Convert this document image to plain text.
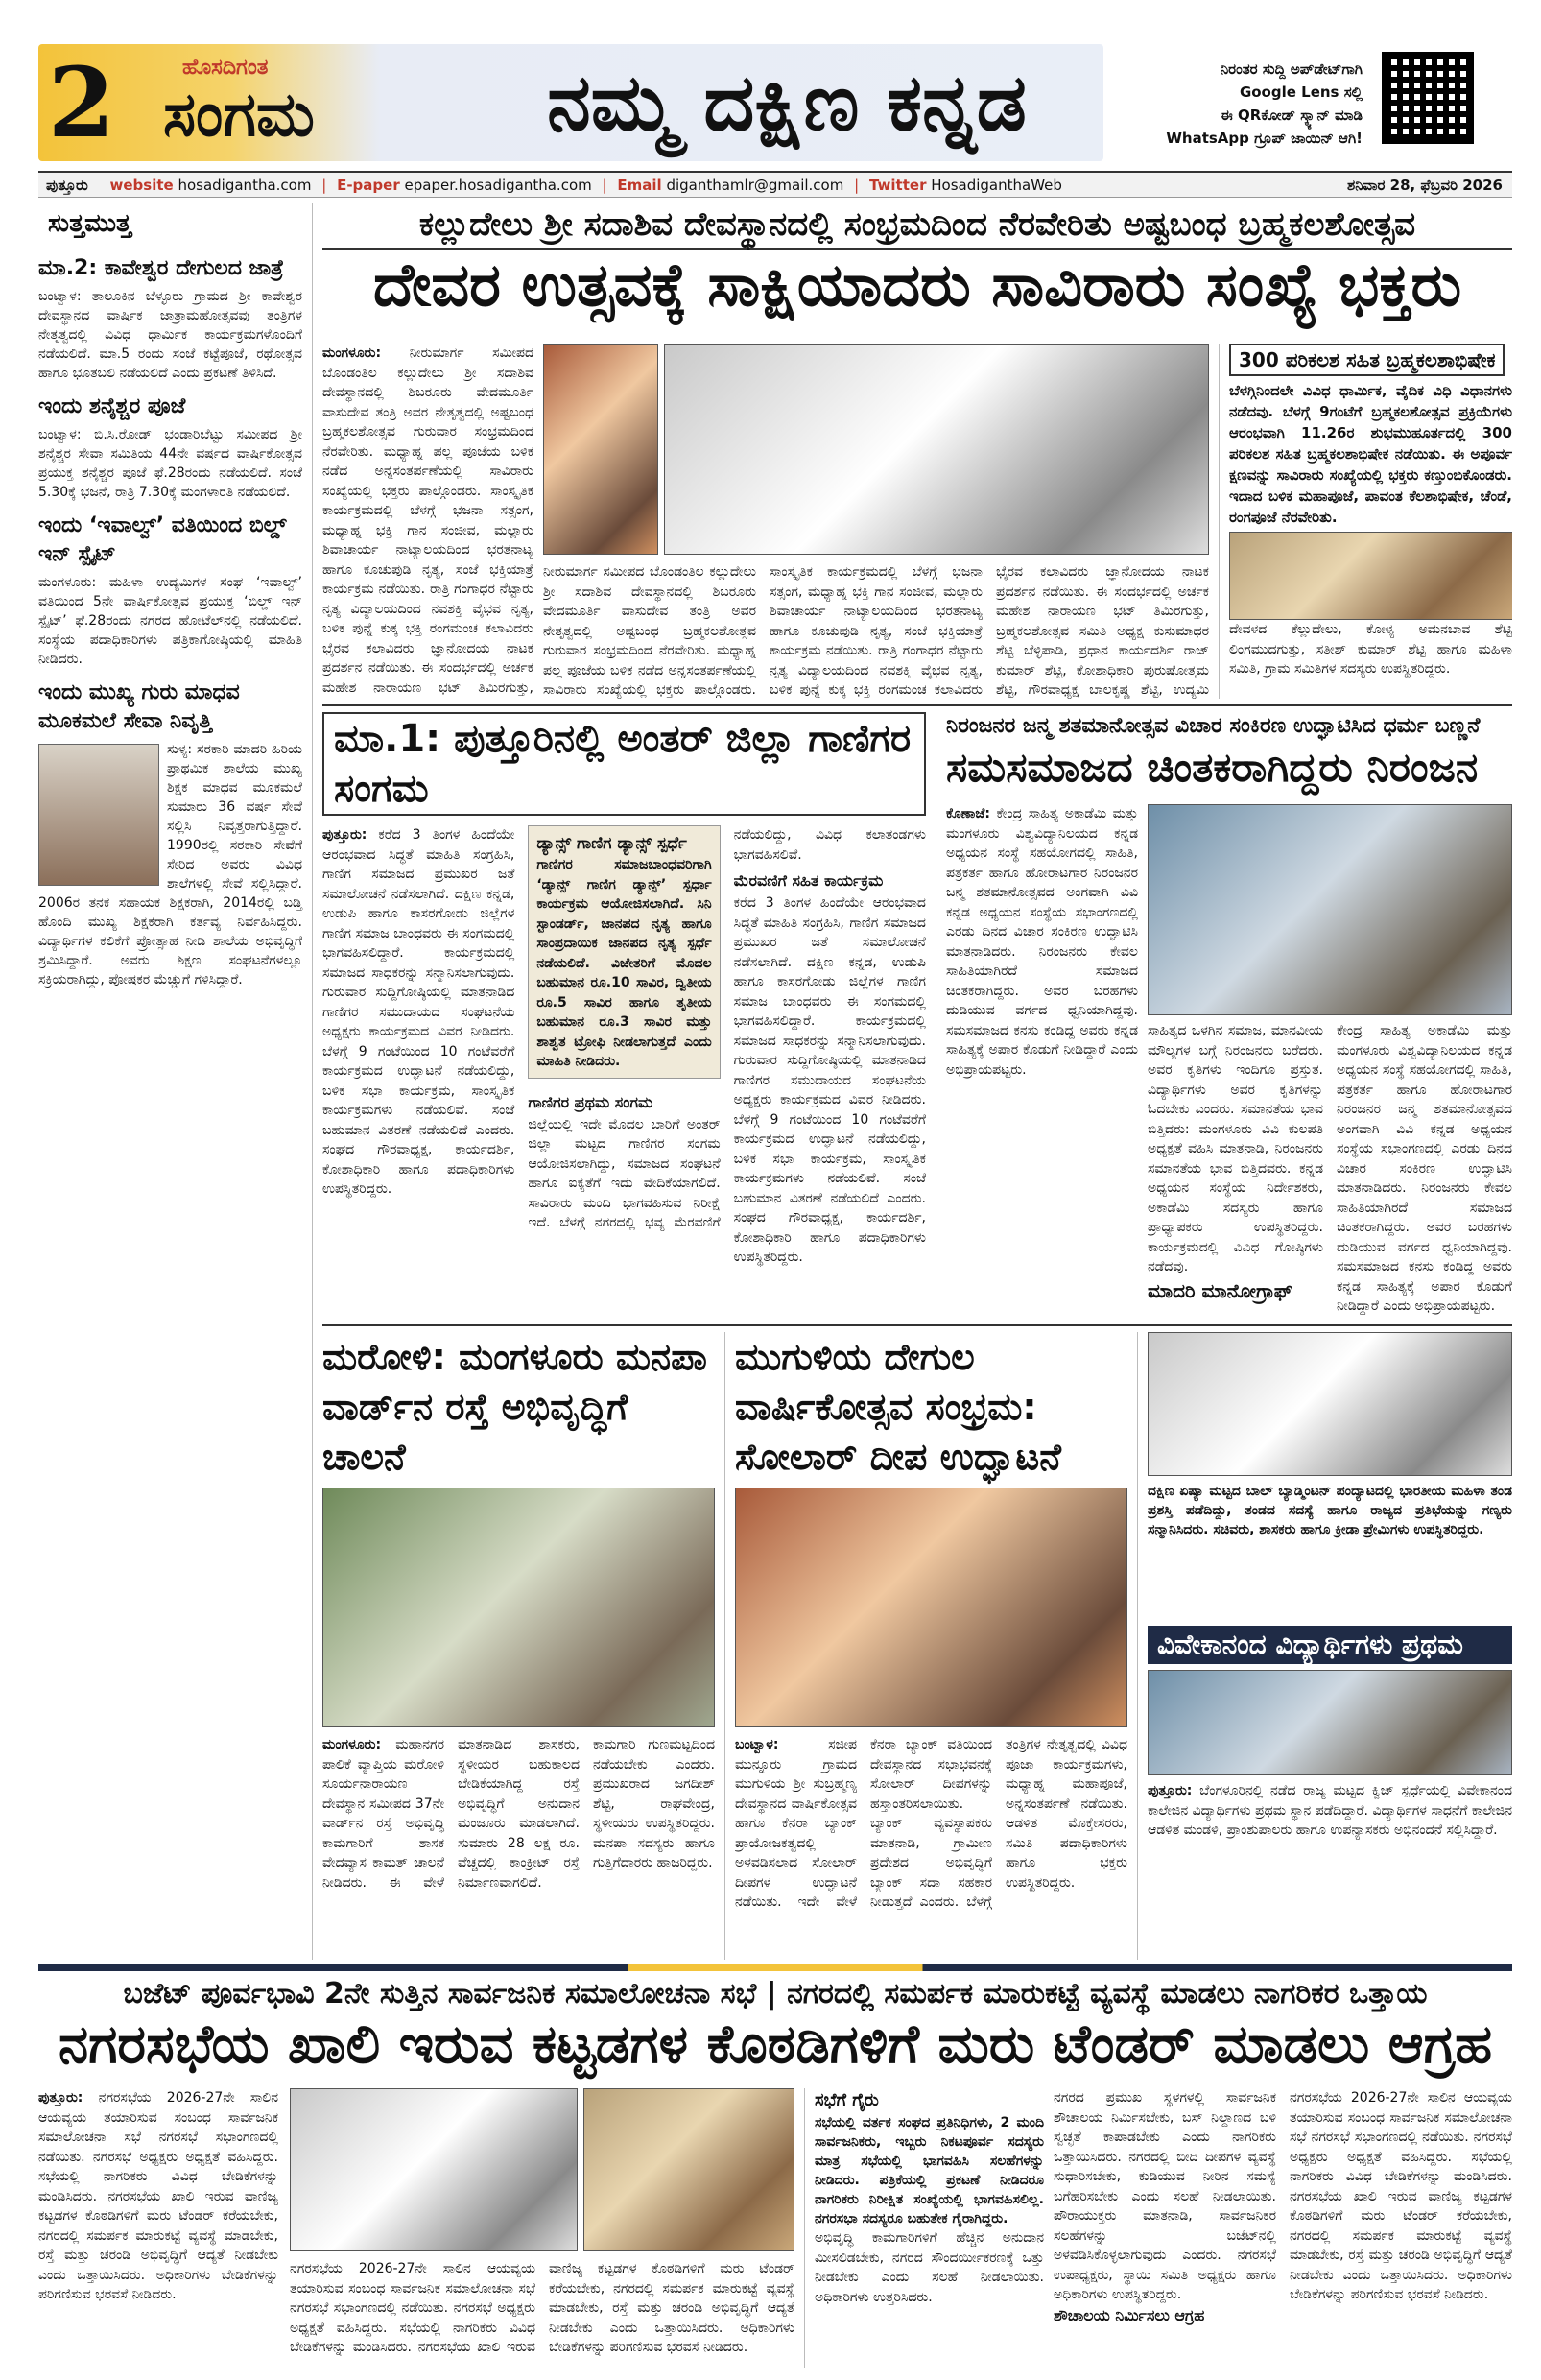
2	ಹೊಸದಿಗಂತ
ಸಂಗಮ	ನಮ್ಮ ದಕ್ಷಿಣ ಕನ್ನಡ	ನಿರಂತರ ಸುದ್ದಿ ಅಪ್‌ಡೇಟ್‌ಗಾಗಿ
Google Lens ಸಲ್ಲಿ
ಈ QRಕೋಡ್ ಸ್ಕ್ಯಾನ್ ಮಾಡಿ
WhatsApp ಗ್ರೂಪ್ ಜಾಯಿನ್ ಆಗಿ!
ಪುತ್ತೂರು website hosadigantha.com | E-paper epaper.hosadigantha.com | Email diganthamlr@gmail.com | Twitter HosadiganthaWeb	ಶನಿವಾರ 28, ಫೆಬ್ರವರಿ 2026
ಸುತ್ತಮುತ್ತ
ಮಾ.2: ಕಾವೇಶ್ವರ ದೇಗುಲದ ಜಾತ್ರೆ

ಬಂಟ್ವಾಳ: ತಾಲೂಕಿನ ಬೆಳ್ಳೂರು ಗ್ರಾಮದ ಶ್ರೀ ಕಾವೇಶ್ವರ ದೇವಸ್ಥಾನದ ವಾರ್ಷಿಕ ಜಾತ್ರಾಮಹೋತ್ಸವವು ತಂತ್ರಿಗಳ ನೇತೃತ್ವದಲ್ಲಿ ವಿವಿಧ ಧಾರ್ಮಿಕ ಕಾರ್ಯಕ್ರಮಗಳೊಂದಿಗೆ ನಡೆಯಲಿದೆ. ಮಾ.5 ರಂದು ಸಂಜೆ ಕಟ್ಟೆಪೂಜೆ, ರಥೋತ್ಸವ ಹಾಗೂ ಭೂತಬಲಿ ನಡೆಯಲಿದೆ ಎಂದು ಪ್ರಕಟಣೆ ತಿಳಿಸಿದೆ.

ಇಂದು ಶನೈಶ್ಚರ ಪೂಜೆ

ಬಂಟ್ವಾಳ: ಬಿ.ಸಿ.ರೋಡ್ ಭಂಡಾರಿಬೆಟ್ಟು ಸಮೀಪದ ಶ್ರೀ ಶನೈಶ್ಚರ ಸೇವಾ ಸಮಿತಿಯ 44ನೇ ವರ್ಷದ ವಾರ್ಷಿಕೋತ್ಸವ ಪ್ರಯುಕ್ತ ಶನೈಶ್ಚರ ಪೂಜೆ ಫೆ.28ರಂದು ನಡೆಯಲಿದೆ. ಸಂಜೆ 5.30ಕ್ಕೆ ಭಜನೆ, ರಾತ್ರಿ 7.30ಕ್ಕೆ ಮಂಗಳಾರತಿ ನಡೆಯಲಿದೆ.

ಇಂದು ‘ಇವಾಲ್ವ್’ ವತಿಯಿಂದ ಬಿಲ್ಡ್ ಇನ್ ಸ್ಪೈಟ್

ಮಂಗಳೂರು: ಮಹಿಳಾ ಉದ್ಯಮಿಗಳ ಸಂಘ ‘ಇವಾಲ್ವ್’ ವತಿಯಿಂದ 5ನೇ ವಾರ್ಷಿಕೋತ್ಸವ ಪ್ರಯುಕ್ತ ‘ಬಿಲ್ಡ್ ಇನ್ ಸ್ಪೈಟ್’ ಫೆ.28ರಂದು ನಗರದ ಹೋಟೆಲ್‌ನಲ್ಲಿ ನಡೆಯಲಿದೆ. ಸಂಸ್ಥೆಯ ಪದಾಧಿಕಾರಿಗಳು ಪತ್ರಿಕಾಗೋಷ್ಠಿಯಲ್ಲಿ ಮಾಹಿತಿ ನೀಡಿದರು.

ಇಂದು ಮುಖ್ಯ ಗುರು ಮಾಧವ ಮೂಕಮಲೆ ಸೇವಾ ನಿವೃತ್ತಿ

ಸುಳ್ಯ: ಸರಕಾರಿ ಮಾದರಿ ಹಿರಿಯ ಪ್ರಾಥಮಿಕ ಶಾಲೆಯ ಮುಖ್ಯ ಶಿಕ್ಷಕ ಮಾಧವ ಮೂಕಮಲೆ ಸುಮಾರು 36 ವರ್ಷ ಸೇವೆ ಸಲ್ಲಿಸಿ ನಿವೃತ್ತರಾಗುತ್ತಿದ್ದಾರೆ. 1990ರಲ್ಲಿ ಸರಕಾರಿ ಸೇವೆಗೆ ಸೇರಿದ ಅವರು ವಿವಿಧ ಶಾಲೆಗಳಲ್ಲಿ ಸೇವೆ ಸಲ್ಲಿಸಿದ್ದಾರೆ. 2006ರ ತನಕ ಸಹಾಯಕ ಶಿಕ್ಷಕರಾಗಿ, 2014ರಲ್ಲಿ ಬಡ್ತಿ ಹೊಂದಿ ಮುಖ್ಯ ಶಿಕ್ಷಕರಾಗಿ ಕರ್ತವ್ಯ ನಿರ್ವಹಿಸಿದ್ದರು. ವಿದ್ಯಾರ್ಥಿಗಳ ಕಲಿಕೆಗೆ ಪ್ರೋತ್ಸಾಹ ನೀಡಿ ಶಾಲೆಯ ಅಭಿವೃದ್ಧಿಗೆ ಶ್ರಮಿಸಿದ್ದಾರೆ. ಅವರು ಶಿಕ್ಷಣ ಸಂಘಟನೆಗಳಲ್ಲೂ ಸಕ್ರಿಯರಾಗಿದ್ದು, ಪೋಷಕರ ಮೆಚ್ಚುಗೆ ಗಳಿಸಿದ್ದಾರೆ.

ಕಲ್ಲುದೇಲು ಶ್ರೀ ಸದಾಶಿವ ದೇವಸ್ಥಾನದಲ್ಲಿ ಸಂಭ್ರಮದಿಂದ ನೆರವೇರಿತು ಅಷ್ಟಬಂಧ ಬ್ರಹ್ಮಕಲಶೋತ್ಸವ
ದೇವರ ಉತ್ಸವಕ್ಕೆ ಸಾಕ್ಷಿಯಾದರು ಸಾವಿರಾರು ಸಂಖ್ಯೆ ಭಕ್ತರು
ಮಂಗಳೂರು: ನೀರುಮಾರ್ಗ ಸಮೀಪದ ಬೊಂಡಂತಿಲ ಕಲ್ಲುದೇಲು ಶ್ರೀ ಸದಾಶಿವ ದೇವಸ್ಥಾನದಲ್ಲಿ ಶಿಬರೂರು ವೇದಮೂರ್ತಿ ವಾಸುದೇವ ತಂತ್ರಿ ಅವರ ನೇತೃತ್ವದಲ್ಲಿ ಅಷ್ಟಬಂಧ ಬ್ರಹ್ಮಕಲಶೋತ್ಸವ ಗುರುವಾರ ಸಂಭ್ರಮದಿಂದ ನೆರವೇರಿತು. ಮಧ್ಯಾಹ್ನ ಪಲ್ಲ ಪೂಜೆಯ ಬಳಿಕ ನಡೆದ ಅನ್ನಸಂತರ್ಪಣೆಯಲ್ಲಿ ಸಾವಿರಾರು ಸಂಖ್ಯೆಯಲ್ಲಿ ಭಕ್ತರು ಪಾಲ್ಗೊಂಡರು. ಸಾಂಸ್ಕೃತಿಕ ಕಾರ್ಯಕ್ರಮದಲ್ಲಿ ಬೆಳಗ್ಗೆ ಭಜನಾ ಸತ್ಸಂಗ, ಮಧ್ಯಾಹ್ನ ಭಕ್ತಿ ಗಾನ ಸಂಜೀವ, ಮಲ್ಲಾರು ಶಿವಾಚಾರ್ಯ ನಾಟ್ಯಾಲಯದಿಂದ ಭರತನಾಟ್ಯ ಹಾಗೂ ಕೂಚುಪುಡಿ ನೃತ್ಯ, ಸಂಜೆ ಭಕ್ತಿಯಾತ್ರೆ ಕಾರ್ಯಕ್ರಮ ನಡೆಯಿತು. ರಾತ್ರಿ ಗಂಗಾಧರ ನೆಟ್ಟಾರು ನೃತ್ಯ ವಿದ್ಯಾಲಯದಿಂದ ನವಶಕ್ತಿ ವೈಭವ ನೃತ್ಯ, ಬಳಿಕ ಪುನ್ನೆ ಕುಕ್ಕ ಭಕ್ತಿ ರಂಗಮಂಚ ಕಲಾವಿದರು ಭೈರವ ಕಲಾವಿದರು ಜ್ಞಾನೋದಯ ನಾಟಕ ಪ್ರದರ್ಶನ ನಡೆಯಿತು. ಈ ಸಂದರ್ಭದಲ್ಲಿ ಅರ್ಚಕ ಮಹೇಶ ನಾರಾಯಣ ಭಟ್ ತಿಮಿರಗುತ್ತು,
ನೀರುಮಾರ್ಗ ಸಮೀಪದ ಬೊಂಡಂತಿಲ ಕಲ್ಲುದೇಲು ಶ್ರೀ ಸದಾಶಿವ ದೇವಸ್ಥಾನದಲ್ಲಿ ಶಿಬರೂರು ವೇದಮೂರ್ತಿ ವಾಸುದೇವ ತಂತ್ರಿ ಅವರ ನೇತೃತ್ವದಲ್ಲಿ ಅಷ್ಟಬಂಧ ಬ್ರಹ್ಮಕಲಶೋತ್ಸವ ಗುರುವಾರ ಸಂಭ್ರಮದಿಂದ ನೆರವೇರಿತು. ಮಧ್ಯಾಹ್ನ ಪಲ್ಲ ಪೂಜೆಯ ಬಳಿಕ ನಡೆದ ಅನ್ನಸಂತರ್ಪಣೆಯಲ್ಲಿ ಸಾವಿರಾರು ಸಂಖ್ಯೆಯಲ್ಲಿ ಭಕ್ತರು ಪಾಲ್ಗೊಂಡರು. ಸಾಂಸ್ಕೃತಿಕ ಕಾರ್ಯಕ್ರಮದಲ್ಲಿ ಬೆಳಗ್ಗೆ ಭಜನಾ ಸತ್ಸಂಗ, ಮಧ್ಯಾಹ್ನ ಭಕ್ತಿ ಗಾನ ಸಂಜೀವ, ಮಲ್ಲಾರು ಶಿವಾಚಾರ್ಯ ನಾಟ್ಯಾಲಯದಿಂದ ಭರತನಾಟ್ಯ ಹಾಗೂ ಕೂಚುಪುಡಿ ನೃತ್ಯ, ಸಂಜೆ ಭಕ್ತಿಯಾತ್ರೆ ಕಾರ್ಯಕ್ರಮ ನಡೆಯಿತು. ರಾತ್ರಿ ಗಂಗಾಧರ ನೆಟ್ಟಾರು ನೃತ್ಯ ವಿದ್ಯಾಲಯದಿಂದ ನವಶಕ್ತಿ ವೈಭವ ನೃತ್ಯ, ಬಳಿಕ ಪುನ್ನೆ ಕುಕ್ಕ ಭಕ್ತಿ ರಂಗಮಂಚ ಕಲಾವಿದರು ಭೈರವ ಕಲಾವಿದರು ಜ್ಞಾನೋದಯ ನಾಟಕ ಪ್ರದರ್ಶನ ನಡೆಯಿತು. ಈ ಸಂದರ್ಭದಲ್ಲಿ ಅರ್ಚಕ ಮಹೇಶ ನಾರಾಯಣ ಭಟ್ ತಿಮಿರಗುತ್ತು, ಬ್ರಹ್ಮಕಲಶೋತ್ಸವ ಸಮಿತಿ ಅಧ್ಯಕ್ಷ ಕುಸುಮಾಧರ ಶೆಟ್ಟಿ ಬೆಳ್ಳಿಪಾಡಿ, ಪ್ರಧಾನ ಕಾರ್ಯದರ್ಶಿ ರಾಜ್ ಕುಮಾರ್ ಶೆಟ್ಟಿ, ಕೋಶಾಧಿಕಾರಿ ಪುರುಷೋತ್ತಮ ಶೆಟ್ಟಿ, ಗೌರವಾಧ್ಯಕ್ಷ ಬಾಲಕೃಷ್ಣ ಶೆಟ್ಟಿ, ಉದ್ಯಮಿ
300 ಪರಿಕಲಶ ಸಹಿತ ಬ್ರಹ್ಮಕಲಶಾಭಿಷೇಕ
ಬೆಳಗ್ಗಿನಿಂದಲೇ ವಿವಿಧ ಧಾರ್ಮಿಕ, ವೈದಿಕ ವಿಧಿ ವಿಧಾನಗಳು ನಡೆದವು. ಬೆಳಗ್ಗೆ 9ಗಂಟೆಗೆ ಬ್ರಹ್ಮಕಲಶೋತ್ಸವ ಪ್ರಕ್ರಿಯೆಗಳು ಆರಂಭವಾಗಿ 11.26ರ ಶುಭಮುಹೂರ್ತದಲ್ಲಿ 300 ಪರಿಕಲಶ ಸಹಿತ ಬ್ರಹ್ಮಕಲಶಾಭಿಷೇಕ ನಡೆಯಿತು. ಈ ಅಪೂರ್ವ ಕ್ಷಣವನ್ನು ಸಾವಿರಾರು ಸಂಖ್ಯೆಯಲ್ಲಿ ಭಕ್ತರು ಕಣ್ತುಂಬಿಕೊಂಡರು. ಇದಾದ ಬಳಿಕ ಮಹಾಪೂಜೆ, ಪಾವಂತ ಕೆಲಶಾಭಿಷೇಕ, ಚೆಂಡೆ, ರಂಗಪೂಜೆ ನೆರವೇರಿತು.
ದೇವಳದ ಕೆಲ್ಲುದೇಲು, ಕೋಳ್ಯ ಅಮನಬಾವ ಶೆಟ್ಟಿ ಲಿಂಗಮುದಗುತ್ತು, ಸತೀಶ್ ಕುಮಾರ್ ಶೆಟ್ಟಿ ಹಾಗೂ ಮಹಿಳಾ ಸಮಿತಿ, ಗ್ರಾಮ ಸಮಿತಿಗಳ ಸದಸ್ಯರು ಉಪಸ್ಥಿತರಿದ್ದರು.
ಮಾ.1: ಪುತ್ತೂರಿನಲ್ಲಿ ಅಂತರ್ ಜಿಲ್ಲಾ ಗಾಣಿಗರ ಸಂಗಮ
ಪುತ್ತೂರು: ಕರೆದ 3 ತಿಂಗಳ ಹಿಂದೆಯೇ ಆರಂಭವಾದ ಸಿದ್ಧತೆ ಮಾಹಿತಿ ಸಂಗ್ರಹಿಸಿ, ಗಾಣಿಗ ಸಮಾಜದ ಪ್ರಮುಖರ ಜತೆ ಸಮಾಲೋಚನೆ ನಡೆಸಲಾಗಿದೆ. ದಕ್ಷಿಣ ಕನ್ನಡ, ಉಡುಪಿ ಹಾಗೂ ಕಾಸರಗೋಡು ಜಿಲ್ಲೆಗಳ ಗಾಣಿಗ ಸಮಾಜ ಬಾಂಧವರು ಈ ಸಂಗಮದಲ್ಲಿ ಭಾಗವಹಿಸಲಿದ್ದಾರೆ. ಕಾರ್ಯಕ್ರಮದಲ್ಲಿ ಸಮಾಜದ ಸಾಧಕರನ್ನು ಸನ್ಮಾನಿಸಲಾಗುವುದು. ಗುರುವಾರ ಸುದ್ದಿಗೋಷ್ಠಿಯಲ್ಲಿ ಮಾತನಾಡಿದ ಗಾಣಿಗರ ಸಮುದಾಯದ ಸಂಘಟನೆಯ ಅಧ್ಯಕ್ಷರು ಕಾರ್ಯಕ್ರಮದ ವಿವರ ನೀಡಿದರು. ಬೆಳಗ್ಗೆ 9 ಗಂಟೆಯಿಂದ 10 ಗಂಟೆವರೆಗೆ ಕಾರ್ಯಕ್ರಮದ ಉದ್ಘಾಟನೆ ನಡೆಯಲಿದ್ದು, ಬಳಿಕ ಸಭಾ ಕಾರ್ಯಕ್ರಮ, ಸಾಂಸ್ಕೃತಿಕ ಕಾರ್ಯಕ್ರಮಗಳು ನಡೆಯಲಿವೆ. ಸಂಜೆ ಬಹುಮಾನ ವಿತರಣೆ ನಡೆಯಲಿದೆ ಎಂದರು. ಸಂಘದ ಗೌರವಾಧ್ಯಕ್ಷ, ಕಾರ್ಯದರ್ಶಿ, ಕೋಶಾಧಿಕಾರಿ ಹಾಗೂ ಪದಾಧಿಕಾರಿಗಳು ಉಪಸ್ಥಿತರಿದ್ದರು.
ಡ್ಯಾನ್ಸ್ ಗಾಣಿಗ ಡ್ಯಾನ್ಸ್ ಸ್ಪರ್ಧೆ
ಗಾಣಿಗರ ಸಮಾಜಬಾಂಧವರಿಗಾಗಿ ‘ಡ್ಯಾನ್ಸ್ ಗಾಣಿಗ ಡ್ಯಾನ್ಸ್’ ಸ್ಪರ್ಧಾ ಕಾರ್ಯಕ್ರಮ ಆಯೋಜಿಸಲಾಗಿದೆ. ಸಿನಿ ಸ್ಟಾಂಡರ್ಡ್, ಜಾನಪದ ನೃತ್ಯ ಹಾಗೂ ಸಾಂಪ್ರದಾಯಿಕ ಜಾನಪದ ನೃತ್ಯ ಸ್ಪರ್ಧೆ ನಡೆಯಲಿದೆ. ವಿಜೇತರಿಗೆ ಮೊದಲ ಬಹುಮಾನ ರೂ.10 ಸಾವಿರ, ದ್ವಿತೀಯ ರೂ.5 ಸಾವಿರ ಹಾಗೂ ತೃತೀಯ ಬಹುಮಾನ ರೂ.3 ಸಾವಿರ ಮತ್ತು ಶಾಶ್ವತ ಟ್ರೋಫಿ ನೀಡಲಾಗುತ್ತದೆ ಎಂದು ಮಾಹಿತಿ ನೀಡಿದರು.
ಗಾಣಿಗರ ಪ್ರಥಮ ಸಂಗಮ
ಜಿಲ್ಲೆಯಲ್ಲಿ ಇದೇ ಮೊದಲ ಬಾರಿಗೆ ಅಂತರ್ ಜಿಲ್ಲಾ ಮಟ್ಟದ ಗಾಣಿಗರ ಸಂಗಮ ಆಯೋಜಿಸಲಾಗಿದ್ದು, ಸಮಾಜದ ಸಂಘಟನೆ ಹಾಗೂ ಐಕ್ಯತೆಗೆ ಇದು ವೇದಿಕೆಯಾಗಲಿದೆ. ಸಾವಿರಾರು ಮಂದಿ ಭಾಗವಹಿಸುವ ನಿರೀಕ್ಷೆ ಇದೆ. ಬೆಳಗ್ಗೆ ನಗರದಲ್ಲಿ ಭವ್ಯ ಮೆರವಣಿಗೆ ನಡೆಯಲಿದ್ದು, ವಿವಿಧ ಕಲಾತಂಡಗಳು ಭಾಗವಹಿಸಲಿವೆ.
ಮೆರವಣಿಗೆ ಸಹಿತ ಕಾರ್ಯಕ್ರಮ
ಕರೆದ 3 ತಿಂಗಳ ಹಿಂದೆಯೇ ಆರಂಭವಾದ ಸಿದ್ಧತೆ ಮಾಹಿತಿ ಸಂಗ್ರಹಿಸಿ, ಗಾಣಿಗ ಸಮಾಜದ ಪ್ರಮುಖರ ಜತೆ ಸಮಾಲೋಚನೆ ನಡೆಸಲಾಗಿದೆ. ದಕ್ಷಿಣ ಕನ್ನಡ, ಉಡುಪಿ ಹಾಗೂ ಕಾಸರಗೋಡು ಜಿಲ್ಲೆಗಳ ಗಾಣಿಗ ಸಮಾಜ ಬಾಂಧವರು ಈ ಸಂಗಮದಲ್ಲಿ ಭಾಗವಹಿಸಲಿದ್ದಾರೆ. ಕಾರ್ಯಕ್ರಮದಲ್ಲಿ ಸಮಾಜದ ಸಾಧಕರನ್ನು ಸನ್ಮಾನಿಸಲಾಗುವುದು. ಗುರುವಾರ ಸುದ್ದಿಗೋಷ್ಠಿಯಲ್ಲಿ ಮಾತನಾಡಿದ ಗಾಣಿಗರ ಸಮುದಾಯದ ಸಂಘಟನೆಯ ಅಧ್ಯಕ್ಷರು ಕಾರ್ಯಕ್ರಮದ ವಿವರ ನೀಡಿದರು. ಬೆಳಗ್ಗೆ 9 ಗಂಟೆಯಿಂದ 10 ಗಂಟೆವರೆಗೆ ಕಾರ್ಯಕ್ರಮದ ಉದ್ಘಾಟನೆ ನಡೆಯಲಿದ್ದು, ಬಳಿಕ ಸಭಾ ಕಾರ್ಯಕ್ರಮ, ಸಾಂಸ್ಕೃತಿಕ ಕಾರ್ಯಕ್ರಮಗಳು ನಡೆಯಲಿವೆ. ಸಂಜೆ ಬಹುಮಾನ ವಿತರಣೆ ನಡೆಯಲಿದೆ ಎಂದರು. ಸಂಘದ ಗೌರವಾಧ್ಯಕ್ಷ, ಕಾರ್ಯದರ್ಶಿ, ಕೋಶಾಧಿಕಾರಿ ಹಾಗೂ ಪದಾಧಿಕಾರಿಗಳು ಉಪಸ್ಥಿತರಿದ್ದರು.
ನಿರಂಜನರ ಜನ್ಮ ಶತಮಾನೋತ್ಸವ ವಿಚಾರ ಸಂಕಿರಣ ಉದ್ಘಾಟಿಸಿದ ಧರ್ಮ ಬಣ್ಣನೆ
ಸಮಸಮಾಜದ ಚಿಂತಕರಾಗಿದ್ದರು ನಿರಂಜನ
ಕೊಣಾಜೆ: ಕೇಂದ್ರ ಸಾಹಿತ್ಯ ಅಕಾಡೆಮಿ ಮತ್ತು ಮಂಗಳೂರು ವಿಶ್ವವಿದ್ಯಾನಿಲಯದ ಕನ್ನಡ ಅಧ್ಯಯನ ಸಂಸ್ಥೆ ಸಹಯೋಗದಲ್ಲಿ ಸಾಹಿತಿ, ಪತ್ರಕರ್ತ ಹಾಗೂ ಹೋರಾಟಗಾರ ನಿರಂಜನರ ಜನ್ಮ ಶತಮಾನೋತ್ಸವದ ಅಂಗವಾಗಿ ವಿವಿ ಕನ್ನಡ ಅಧ್ಯಯನ ಸಂಸ್ಥೆಯ ಸಭಾಂಗಣದಲ್ಲಿ ಎರಡು ದಿನದ ವಿಚಾರ ಸಂಕಿರಣ ಉದ್ಘಾಟಿಸಿ ಮಾತನಾಡಿದರು. ನಿರಂಜನರು ಕೇವಲ ಸಾಹಿತಿಯಾಗಿರದೆ ಸಮಾಜದ ಚಿಂತಕರಾಗಿದ್ದರು. ಅವರ ಬರಹಗಳು ದುಡಿಯುವ ವರ್ಗದ ಧ್ವನಿಯಾಗಿದ್ದವು. ಸಮಸಮಾಜದ ಕನಸು ಕಂಡಿದ್ದ ಅವರು ಕನ್ನಡ ಸಾಹಿತ್ಯಕ್ಕೆ ಅಪಾರ ಕೊಡುಗೆ ನೀಡಿದ್ದಾರೆ ಎಂದು ಅಭಿಪ್ರಾಯಪಟ್ಟರು.
ಸಾಹಿತ್ಯದ ಒಳಗಿನ ಸಮಾಜ, ಮಾನವೀಯ ಮೌಲ್ಯಗಳ ಬಗ್ಗೆ ನಿರಂಜನರು ಬರೆದರು. ಅವರ ಕೃತಿಗಳು ಇಂದಿಗೂ ಪ್ರಸ್ತುತ. ವಿದ್ಯಾರ್ಥಿಗಳು ಅವರ ಕೃತಿಗಳನ್ನು ಓದಬೇಕು ಎಂದರು. ಸಮಾನತೆಯ ಭಾವ ಬಿತ್ತಿದರು: ಮಂಗಳೂರು ವಿವಿ ಕುಲಪತಿ ಅಧ್ಯಕ್ಷತೆ ವಹಿಸಿ ಮಾತನಾಡಿ, ನಿರಂಜನರು ಸಮಾನತೆಯ ಭಾವ ಬಿತ್ತಿದವರು. ಕನ್ನಡ ಅಧ್ಯಯನ ಸಂಸ್ಥೆಯ ನಿರ್ದೇಶಕರು, ಅಕಾಡೆಮಿ ಸದಸ್ಯರು ಹಾಗೂ ಪ್ರಾಧ್ಯಾಪಕರು ಉಪಸ್ಥಿತರಿದ್ದರು. ಕಾರ್ಯಕ್ರಮದಲ್ಲಿ ವಿವಿಧ ಗೋಷ್ಠಿಗಳು ನಡೆದವು.
ಮಾದರಿ ಮಾನೋಗ್ರಾಫ್
ಕೇಂದ್ರ ಸಾಹಿತ್ಯ ಅಕಾಡೆಮಿ ಮತ್ತು ಮಂಗಳೂರು ವಿಶ್ವವಿದ್ಯಾನಿಲಯದ ಕನ್ನಡ ಅಧ್ಯಯನ ಸಂಸ್ಥೆ ಸಹಯೋಗದಲ್ಲಿ ಸಾಹಿತಿ, ಪತ್ರಕರ್ತ ಹಾಗೂ ಹೋರಾಟಗಾರ ನಿರಂಜನರ ಜನ್ಮ ಶತಮಾನೋತ್ಸವದ ಅಂಗವಾಗಿ ವಿವಿ ಕನ್ನಡ ಅಧ್ಯಯನ ಸಂಸ್ಥೆಯ ಸಭಾಂಗಣದಲ್ಲಿ ಎರಡು ದಿನದ ವಿಚಾರ ಸಂಕಿರಣ ಉದ್ಘಾಟಿಸಿ ಮಾತನಾಡಿದರು. ನಿರಂಜನರು ಕೇವಲ ಸಾಹಿತಿಯಾಗಿರದೆ ಸಮಾಜದ ಚಿಂತಕರಾಗಿದ್ದರು. ಅವರ ಬರಹಗಳು ದುಡಿಯುವ ವರ್ಗದ ಧ್ವನಿಯಾಗಿದ್ದವು. ಸಮಸಮಾಜದ ಕನಸು ಕಂಡಿದ್ದ ಅವರು ಕನ್ನಡ ಸಾಹಿತ್ಯಕ್ಕೆ ಅಪಾರ ಕೊಡುಗೆ ನೀಡಿದ್ದಾರೆ ಎಂದು ಅಭಿಪ್ರಾಯಪಟ್ಟರು.
ಮರೋಳಿ: ಮಂಗಳೂರು ಮನಪಾ ವಾರ್ಡ್‌ನ ರಸ್ತೆ ಅಭಿವೃದ್ಧಿಗೆ ಚಾಲನೆ
ಮಂಗಳೂರು: ಮಹಾನಗರ ಪಾಲಿಕೆ ವ್ಯಾಪ್ತಿಯ ಮರೋಳಿ ಸೂರ್ಯನಾರಾಯಣ ದೇವಸ್ಥಾನ ಸಮೀಪದ 37ನೇ ವಾರ್ಡ್‌ನ ರಸ್ತೆ ಅಭಿವೃದ್ಧಿ ಕಾಮಗಾರಿಗೆ ಶಾಸಕ ವೇದವ್ಯಾಸ ಕಾಮತ್ ಚಾಲನೆ ನೀಡಿದರು. ಈ ವೇಳೆ ಮಾತನಾಡಿದ ಶಾಸಕರು, ಸ್ಥಳೀಯರ ಬಹುಕಾಲದ ಬೇಡಿಕೆಯಾಗಿದ್ದ ರಸ್ತೆ ಅಭಿವೃದ್ಧಿಗೆ ಅನುದಾನ ಮಂಜೂರು ಮಾಡಲಾಗಿದೆ. ಸುಮಾರು 28 ಲಕ್ಷ ರೂ. ವೆಚ್ಚದಲ್ಲಿ ಕಾಂಕ್ರೀಟ್ ರಸ್ತೆ ನಿರ್ಮಾಣವಾಗಲಿದೆ. ಕಾಮಗಾರಿ ಗುಣಮಟ್ಟದಿಂದ ನಡೆಯಬೇಕು ಎಂದರು. ಪ್ರಮುಖರಾದ ಜಗದೀಶ್ ಶೆಟ್ಟಿ, ರಾಘವೇಂದ್ರ, ಸ್ಥಳೀಯರು ಉಪಸ್ಥಿತರಿದ್ದರು. ಮನಪಾ ಸದಸ್ಯರು ಹಾಗೂ ಗುತ್ತಿಗೆದಾರರು ಹಾಜರಿದ್ದರು.
ಮುಗುಳಿಯ ದೇಗುಲ ವಾರ್ಷಿಕೋತ್ಸವ ಸಂಭ್ರಮ: ಸೋಲಾರ್ ದೀಪ ಉದ್ಘಾಟನೆ
ಬಂಟ್ವಾಳ:	ಸಜೀಪ ಮುನ್ನೂರು ಗ್ರಾಮದ ಮುಗುಳಿಯ ಶ್ರೀ ಸುಬ್ರಹ್ಮಣ್ಯ ದೇವಸ್ಥಾನದ ವಾರ್ಷಿಕೋತ್ಸವ ಹಾಗೂ ಕೆನರಾ ಬ್ಯಾಂಕ್ ಪ್ರಾಯೋಜಕತ್ವದಲ್ಲಿ ಅಳವಡಿಸಲಾದ ಸೋಲಾರ್ ದೀಪಗಳ ಉದ್ಘಾಟನೆ ನಡೆಯಿತು. ಇದೇ ವೇಳೆ ಕೆನರಾ ಬ್ಯಾಂಕ್ ವತಿಯಿಂದ ದೇವಸ್ಥಾನದ ಸಭಾಭವನಕ್ಕೆ ಸೋಲಾರ್ ದೀಪಗಳನ್ನು ಹಸ್ತಾಂತರಿಸಲಾಯಿತು. ಬ್ಯಾಂಕ್ ವ್ಯವಸ್ಥಾಪಕರು ಮಾತನಾಡಿ, ಗ್ರಾಮೀಣ ಪ್ರದೇಶದ ಅಭಿವೃದ್ಧಿಗೆ ಬ್ಯಾಂಕ್ ಸದಾ ಸಹಕಾರ ನೀಡುತ್ತದೆ ಎಂದರು. ಬೆಳಗ್ಗೆ ತಂತ್ರಿಗಳ ನೇತೃತ್ವದಲ್ಲಿ ವಿವಿಧ ಪೂಜಾ ಕಾರ್ಯಕ್ರಮಗಳು, ಮಧ್ಯಾಹ್ನ ಮಹಾಪೂಜೆ, ಅನ್ನಸಂತರ್ಪಣೆ ನಡೆಯಿತು. ಆಡಳಿತ ಮೊಕ್ತೇಸರರು, ಸಮಿತಿ ಪದಾಧಿಕಾರಿಗಳು ಹಾಗೂ ಭಕ್ತರು ಉಪಸ್ಥಿತರಿದ್ದರು.
ದಕ್ಷಿಣ ಏಷ್ಯಾ ಮಟ್ಟದ ಬಾಲ್ ಬ್ಯಾಡ್ಮಿಂಟನ್ ಪಂದ್ಯಾಟದಲ್ಲಿ ಭಾರತೀಯ ಮಹಿಳಾ ತಂಡ ಪ್ರಶಸ್ತಿ ಪಡೆದಿದ್ದು, ತಂಡದ ಸದಸ್ಯೆ ಹಾಗೂ ರಾಜ್ಯದ ಪ್ರತಿಭೆಯನ್ನು ಗಣ್ಯರು ಸನ್ಮಾನಿಸಿದರು. ಸಚಿವರು, ಶಾಸಕರು ಹಾಗೂ ಕ್ರೀಡಾ ಪ್ರೇಮಿಗಳು ಉಪಸ್ಥಿತರಿದ್ದರು.
ವಿವೇಕಾನಂದ ವಿದ್ಯಾರ್ಥಿಗಳು ಪ್ರಥಮ
ಪುತ್ತೂರು: ಬೆಂಗಳೂರಿನಲ್ಲಿ ನಡೆದ ರಾಜ್ಯ ಮಟ್ಟದ ಕ್ವಿಜ್ ಸ್ಪರ್ಧೆಯಲ್ಲಿ ವಿವೇಕಾನಂದ ಕಾಲೇಜಿನ ವಿದ್ಯಾರ್ಥಿಗಳು ಪ್ರಥಮ ಸ್ಥಾನ ಪಡೆದಿದ್ದಾರೆ. ವಿದ್ಯಾರ್ಥಿಗಳ ಸಾಧನೆಗೆ ಕಾಲೇಜಿನ ಆಡಳಿತ ಮಂಡಳಿ, ಪ್ರಾಂಶುಪಾಲರು ಹಾಗೂ ಉಪನ್ಯಾಸಕರು ಅಭಿನಂದನೆ ಸಲ್ಲಿಸಿದ್ದಾರೆ.
ಬಜೆಟ್ ಪೂರ್ವಭಾವಿ 2ನೇ ಸುತ್ತಿನ ಸಾರ್ವಜನಿಕ ಸಮಾಲೋಚನಾ ಸಭೆ | ನಗರದಲ್ಲಿ ಸಮರ್ಪಕ ಮಾರುಕಟ್ಟೆ ವ್ಯವಸ್ಥೆ ಮಾಡಲು ನಾಗರಿಕರ ಒತ್ತಾಯ
ನಗರಸಭೆಯ ಖಾಲಿ ಇರುವ ಕಟ್ಟಡಗಳ ಕೊಠಡಿಗಳಿಗೆ ಮರು ಟೆಂಡರ್ ಮಾಡಲು ಆಗ್ರಹ
ಪುತ್ತೂರು: ನಗರಸಭೆಯ 2026-27ನೇ ಸಾಲಿನ ಆಯವ್ಯಯ ತಯಾರಿಸುವ ಸಂಬಂಧ ಸಾರ್ವಜನಿಕ ಸಮಾಲೋಚನಾ ಸಭೆ ನಗರಸಭೆ ಸಭಾಂಗಣದಲ್ಲಿ ನಡೆಯಿತು. ನಗರಸಭೆ ಅಧ್ಯಕ್ಷರು ಅಧ್ಯಕ್ಷತೆ ವಹಿಸಿದ್ದರು. ಸಭೆಯಲ್ಲಿ ನಾಗರಿಕರು ವಿವಿಧ ಬೇಡಿಕೆಗಳನ್ನು ಮಂಡಿಸಿದರು. ನಗರಸಭೆಯ ಖಾಲಿ ಇರುವ ವಾಣಿಜ್ಯ ಕಟ್ಟಡಗಳ ಕೊಠಡಿಗಳಿಗೆ ಮರು ಟೆಂಡರ್ ಕರೆಯಬೇಕು, ನಗರದಲ್ಲಿ ಸಮರ್ಪಕ ಮಾರುಕಟ್ಟೆ ವ್ಯವಸ್ಥೆ ಮಾಡಬೇಕು, ರಸ್ತೆ ಮತ್ತು ಚರಂಡಿ ಅಭಿವೃದ್ಧಿಗೆ ಆದ್ಯತೆ ನೀಡಬೇಕು ಎಂದು ಒತ್ತಾಯಿಸಿದರು. ಅಧಿಕಾರಿಗಳು ಬೇಡಿಕೆಗಳನ್ನು ಪರಿಗಣಿಸುವ ಭರವಸೆ ನೀಡಿದರು.
ನಗರಸಭೆಯ 2026-27ನೇ ಸಾಲಿನ ಆಯವ್ಯಯ ತಯಾರಿಸುವ ಸಂಬಂಧ ಸಾರ್ವಜನಿಕ ಸಮಾಲೋಚನಾ ಸಭೆ ನಗರಸಭೆ ಸಭಾಂಗಣದಲ್ಲಿ ನಡೆಯಿತು. ನಗರಸಭೆ ಅಧ್ಯಕ್ಷರು ಅಧ್ಯಕ್ಷತೆ ವಹಿಸಿದ್ದರು. ಸಭೆಯಲ್ಲಿ ನಾಗರಿಕರು ವಿವಿಧ ಬೇಡಿಕೆಗಳನ್ನು ಮಂಡಿಸಿದರು. ನಗರಸಭೆಯ ಖಾಲಿ ಇರುವ ವಾಣಿಜ್ಯ ಕಟ್ಟಡಗಳ ಕೊಠಡಿಗಳಿಗೆ ಮರು ಟೆಂಡರ್ ಕರೆಯಬೇಕು, ನಗರದಲ್ಲಿ ಸಮರ್ಪಕ ಮಾರುಕಟ್ಟೆ ವ್ಯವಸ್ಥೆ ಮಾಡಬೇಕು, ರಸ್ತೆ ಮತ್ತು ಚರಂಡಿ ಅಭಿವೃದ್ಧಿಗೆ ಆದ್ಯತೆ ನೀಡಬೇಕು ಎಂದು ಒತ್ತಾಯಿಸಿದರು. ಅಧಿಕಾರಿಗಳು ಬೇಡಿಕೆಗಳನ್ನು ಪರಿಗಣಿಸುವ ಭರವಸೆ ನೀಡಿದರು.
ಸಭೆಗೆ ಗೈರು
ಸಭೆಯಲ್ಲಿ ವರ್ತಕ ಸಂಘದ ಪ್ರತಿನಿಧಿಗಳು, 2 ಮಂದಿ ಸಾರ್ವಜನಿಕರು, ಇಬ್ಬರು ನಿಕಟಪೂರ್ವ ಸದಸ್ಯರು ಮಾತ್ರ ಸಭೆಯಲ್ಲಿ ಭಾಗವಹಿಸಿ ಸಲಹೆಗಳನ್ನು ನೀಡಿದರು. ಪತ್ರಿಕೆಯಲ್ಲಿ ಪ್ರಕಟಣೆ ನೀಡಿದರೂ ನಾಗರಿಕರು ನಿರೀಕ್ಷಿತ ಸಂಖ್ಯೆಯಲ್ಲಿ ಭಾಗವಹಿಸಲಿಲ್ಲ. ನಗರಸಭಾ ಸದಸ್ಯರೂ ಬಹುತೇಕ ಗೈರಾಗಿದ್ದರು.
ಅಭಿವೃದ್ಧಿ ಕಾಮಗಾರಿಗಳಿಗೆ ಹೆಚ್ಚಿನ ಅನುದಾನ ಮೀಸಲಿಡಬೇಕು, ನಗರದ ಸೌಂದರ್ಯೀಕರಣಕ್ಕೆ ಒತ್ತು ನೀಡಬೇಕು ಎಂದು ಸಲಹೆ ನೀಡಲಾಯಿತು. ಅಧಿಕಾರಿಗಳು ಉತ್ತರಿಸಿದರು.
ನಗರದ ಪ್ರಮುಖ ಸ್ಥಳಗಳಲ್ಲಿ ಸಾರ್ವಜನಿಕ ಶೌಚಾಲಯ ನಿರ್ಮಿಸಬೇಕು, ಬಸ್ ನಿಲ್ದಾಣದ ಬಳಿ ಸ್ವಚ್ಛತೆ ಕಾಪಾಡಬೇಕು ಎಂದು ನಾಗರಿಕರು ಒತ್ತಾಯಿಸಿದರು. ನಗರದಲ್ಲಿ ಬೀದಿ ದೀಪಗಳ ವ್ಯವಸ್ಥೆ ಸುಧಾರಿಸಬೇಕು, ಕುಡಿಯುವ ನೀರಿನ ಸಮಸ್ಯೆ ಬಗೆಹರಿಸಬೇಕು ಎಂದು ಸಲಹೆ ನೀಡಲಾಯಿತು. ಪೌರಾಯುಕ್ತರು ಮಾತನಾಡಿ, ಸಾರ್ವಜನಿಕರ ಸಲಹೆಗಳನ್ನು ಬಜೆಟ್‌ನಲ್ಲಿ ಅಳವಡಿಸಿಕೊಳ್ಳಲಾಗುವುದು ಎಂದರು. ನಗರಸಭೆ ಉಪಾಧ್ಯಕ್ಷರು, ಸ್ಥಾಯಿ ಸಮಿತಿ ಅಧ್ಯಕ್ಷರು ಹಾಗೂ ಅಧಿಕಾರಿಗಳು ಉಪಸ್ಥಿತರಿದ್ದರು.
ಶೌಚಾಲಯ ನಿರ್ಮಿಸಲು ಆಗ್ರಹ
ನಗರಸಭೆಯ 2026-27ನೇ ಸಾಲಿನ ಆಯವ್ಯಯ ತಯಾರಿಸುವ ಸಂಬಂಧ ಸಾರ್ವಜನಿಕ ಸಮಾಲೋಚನಾ ಸಭೆ ನಗರಸಭೆ ಸಭಾಂಗಣದಲ್ಲಿ ನಡೆಯಿತು. ನಗರಸಭೆ ಅಧ್ಯಕ್ಷರು ಅಧ್ಯಕ್ಷತೆ ವಹಿಸಿದ್ದರು. ಸಭೆಯಲ್ಲಿ ನಾಗರಿಕರು ವಿವಿಧ ಬೇಡಿಕೆಗಳನ್ನು ಮಂಡಿಸಿದರು. ನಗರಸಭೆಯ ಖಾಲಿ ಇರುವ ವಾಣಿಜ್ಯ ಕಟ್ಟಡಗಳ ಕೊಠಡಿಗಳಿಗೆ ಮರು ಟೆಂಡರ್ ಕರೆಯಬೇಕು, ನಗರದಲ್ಲಿ ಸಮರ್ಪಕ ಮಾರುಕಟ್ಟೆ ವ್ಯವಸ್ಥೆ ಮಾಡಬೇಕು, ರಸ್ತೆ ಮತ್ತು ಚರಂಡಿ ಅಭಿವೃದ್ಧಿಗೆ ಆದ್ಯತೆ ನೀಡಬೇಕು ಎಂದು ಒತ್ತಾಯಿಸಿದರು. ಅಧಿಕಾರಿಗಳು ಬೇಡಿಕೆಗಳನ್ನು ಪರಿಗಣಿಸುವ ಭರವಸೆ ನೀಡಿದರು.
